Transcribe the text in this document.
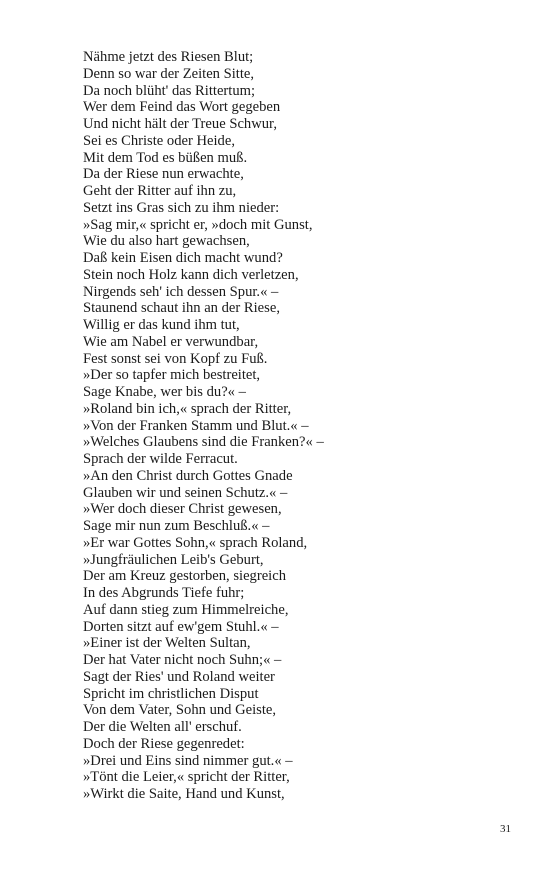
Nähme jetzt des Riesen Blut;
Denn so war der Zeiten Sitte,
Da noch blüht' das Rittertum;
Wer dem Feind das Wort gegeben
Und nicht hält der Treue Schwur,
Sei es Christe oder Heide,
Mit dem Tod es büßen muß.
Da der Riese nun erwachte,
Geht der Ritter auf ihn zu,
Setzt ins Gras sich zu ihm nieder:
»Sag mir,« spricht er, »doch mit Gunst,
Wie du also hart gewachsen,
Daß kein Eisen dich macht wund?
Stein noch Holz kann dich verletzen,
Nirgends seh' ich dessen Spur.« –
Staunend schaut ihn an der Riese,
Willig er das kund ihm tut,
Wie am Nabel er verwundbar,
Fest sonst sei von Kopf zu Fuß.
»Der so tapfer mich bestreitet,
Sage Knabe, wer bis du?« –
»Roland bin ich,« sprach der Ritter,
»Von der Franken Stamm und Blut.« –
»Welches Glaubens sind die Franken?« –
Sprach der wilde Ferracut.
»An den Christ durch Gottes Gnade
Glauben wir und seinen Schutz.« –
»Wer doch dieser Christ gewesen,
Sage mir nun zum Beschluß.« –
»Er war Gottes Sohn,« sprach Roland,
»Jungfräulichen Leib's Geburt,
Der am Kreuz gestorben, siegreich
In des Abgrunds Tiefe fuhr;
Auf dann stieg zum Himmelreiche,
Dorten sitzt auf ew'gem Stuhl.« –
»Einer ist der Welten Sultan,
Der hat Vater nicht noch Suhn;« –
Sagt der Ries' und Roland weiter
Spricht im christlichen Disput
Von dem Vater, Sohn und Geiste,
Der die Welten all' erschuf.
Doch der Riese gegenredet:
»Drei und Eins sind nimmer gut.« –
»Tönt die Leier,« spricht der Ritter,
»Wirkt die Saite, Hand und Kunst,
31
